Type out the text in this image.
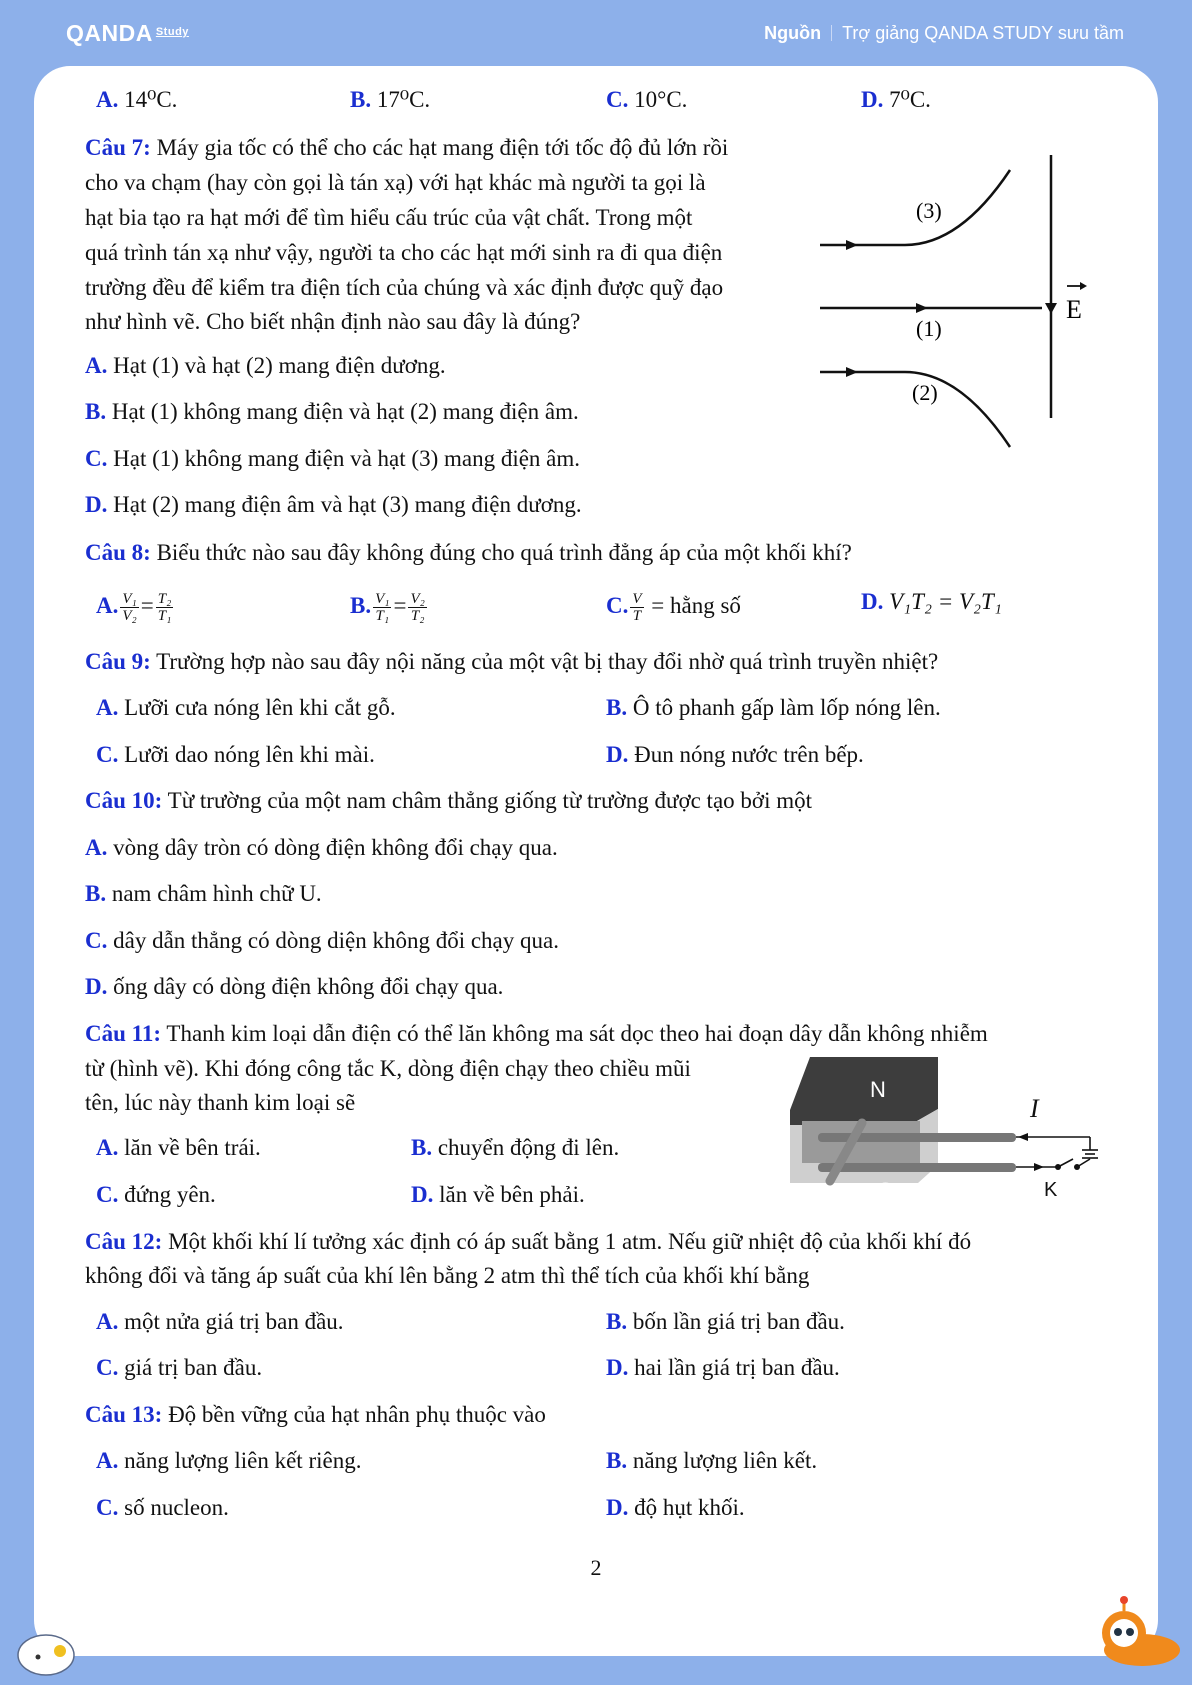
QANDA $^{Study}$	Nguồn Trợ giảng QANDA STUDY sưu tầm
A. 14⁰C.	B. 17⁰C.	C. 10°C.	D. 7⁰C.
Câu 7: Máy gia tốc có thể cho các hạt mang điện tới tốc độ đủ lớn rồi
cho va chạm (hay còn gọi là tán xạ) với hạt khác mà người ta gọi là
hạt bia tạo ra hạt mới để tìm hiểu cấu trúc của vật chất. Trong một
quá trình tán xạ như vậy, người ta cho các hạt mới sinh ra đi qua điện
trường đều để kiểm tra điện tích của chúng và xác định được quỹ đạo
như hình vẽ. Cho biết nhận định nào sau đây là đúng?
A. Hạt (1) và hạt (2) mang điện dương.
B. Hạt (1) không mang điện và hạt (2) mang điện âm.
C. Hạt (1) không mang điện và hạt (3) mang điện âm.
D. Hạt (2) mang điện âm và hạt (3) mang điện dương.
(3)
(1)
(2)
E
Câu 8: Biểu thức nào sau đây không đúng cho quá trình đẳng áp của một khối khí?
A. $\frac{\text{V₁}}{\text{V₂}} = \frac{\text{T₂}}{\text{T₁}}$	B. $\frac{\text{V₁}}{\text{T₁}} = \frac{\text{V₂}}{\text{T₂}}$	C. $\frac{V}{T}$ = hằng số	D. V₁T₂ = V₂T₁
Câu 9: Trường hợp nào sau đây nội năng của một vật bị thay đổi nhờ quá trình truyền nhiệt?
A. Lưỡi cưa nóng lên khi cắt gỗ.	B. Ô tô phanh gấp làm lốp nóng lên.
C. Lưỡi dao nóng lên khi mài.	D. Đun nóng nước trên bếp.
Câu 10: Từ trường của một nam châm thẳng giống từ trường được tạo bởi một
A. vòng dây tròn có dòng điện không đổi chạy qua.
B. nam châm hình chữ U.
C. dây dẫn thẳng có dòng diện không đổi chạy qua.
D. ống dây có dòng điện không đổi chạy qua.
Câu 11: Thanh kim loại dẫn điện có thể lăn không ma sát dọc theo hai đoạn dây dẫn không nhiễm
từ (hình vẽ). Khi đóng công tắc K, dòng điện chạy theo chiều mũi
tên, lúc này thanh kim loại sẽ
A. lăn về bên trái.	B. chuyển động đi lên.
C. đứng yên.	D. lăn về bên phải.
N
S
I
K
Câu 12: Một khối khí lí tưởng xác định có áp suất bằng 1 atm. Nếu giữ nhiệt độ của khối khí đó
không đổi và tăng áp suất của khí lên bằng 2 atm thì thể tích của khối khí bằng
A. một nửa giá trị ban đầu.	B. bốn lần giá trị ban đầu.
C. giá trị ban đầu.	D. hai lần giá trị ban đầu.
Câu 13: Độ bền vững của hạt nhân phụ thuộc vào
A. năng lượng liên kết riêng.	B. năng lượng liên kết.
C. số nucleon.	D. độ hụt khối.
2
